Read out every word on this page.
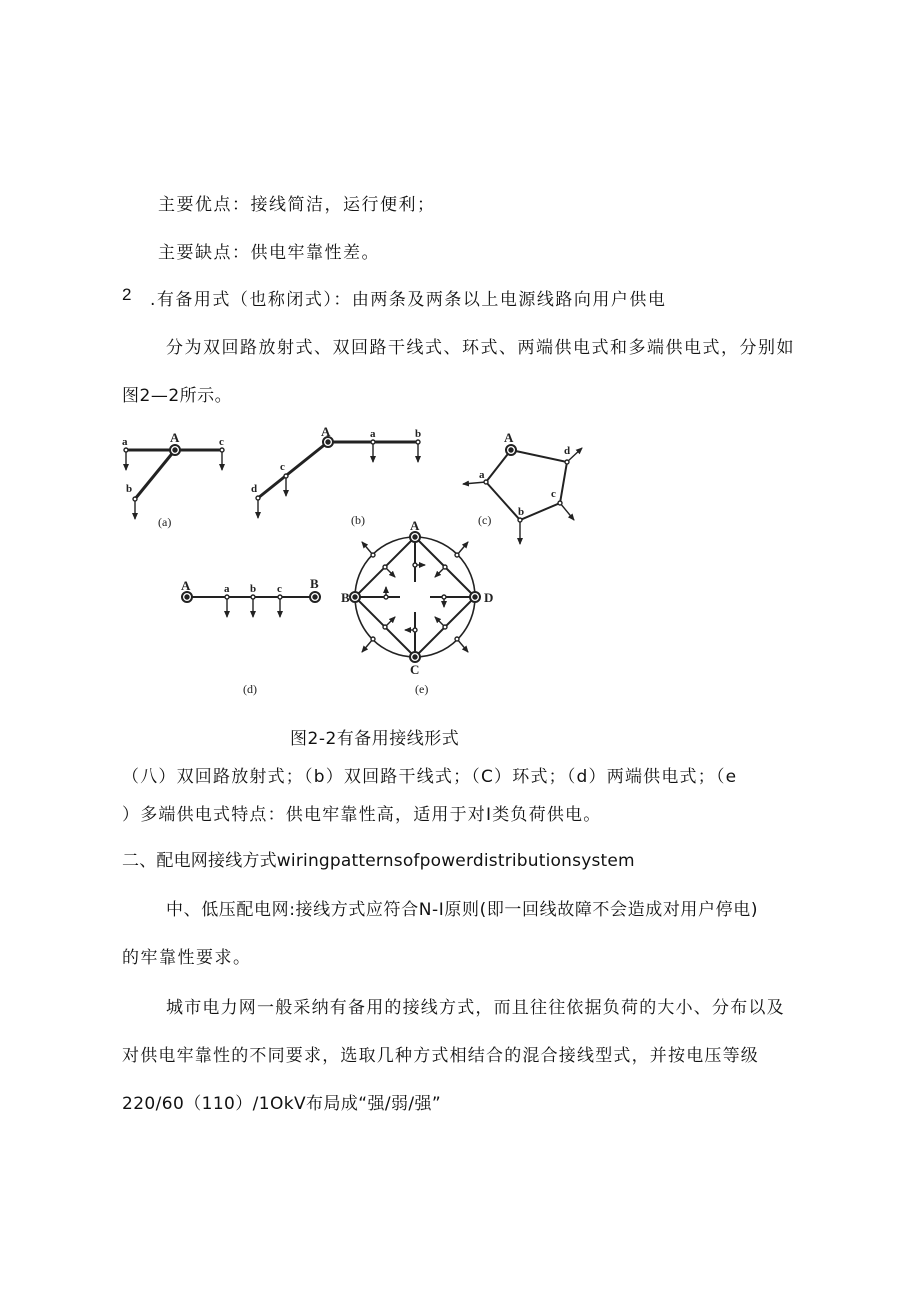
主要优点：接线简洁，运行便利；
主要缺点：供电牢靠性差。
2 .有备用式（也称闭式）：由两条及两条以上电源线路向用户供电
分为双回路放射式、双回路干线式、环式、两端供电式和多端供电式，分别如
图2—2所示。
A
a	c
b
(a)
A	a	b
c
d
(b)
A
d
c
b
a
(c)
A	a b c B
(d)
A
B
C
D
(e)
图2-2有备用接线形式
（八）双回路放射式；（b）双回路干线式；（C）环式；（d）两端供电式；（e
）多端供电式特点：供电牢靠性高，适用于对I类负荷供电。
二、配电网接线方式wiringpatternsofpowerdistributionsystem
中、低压配电网:接线方式应符合N-I原则(即一回线故障不会造成对用户停电)
的牢靠性要求。
城市电力网一般采纳有备用的接线方式，而且往往依据负荷的大小、分布以及
对供电牢靠性的不同要求，选取几种方式相结合的混合接线型式，并按电压等级
220/60（110）/1OkV布局成“强/弱/强”
